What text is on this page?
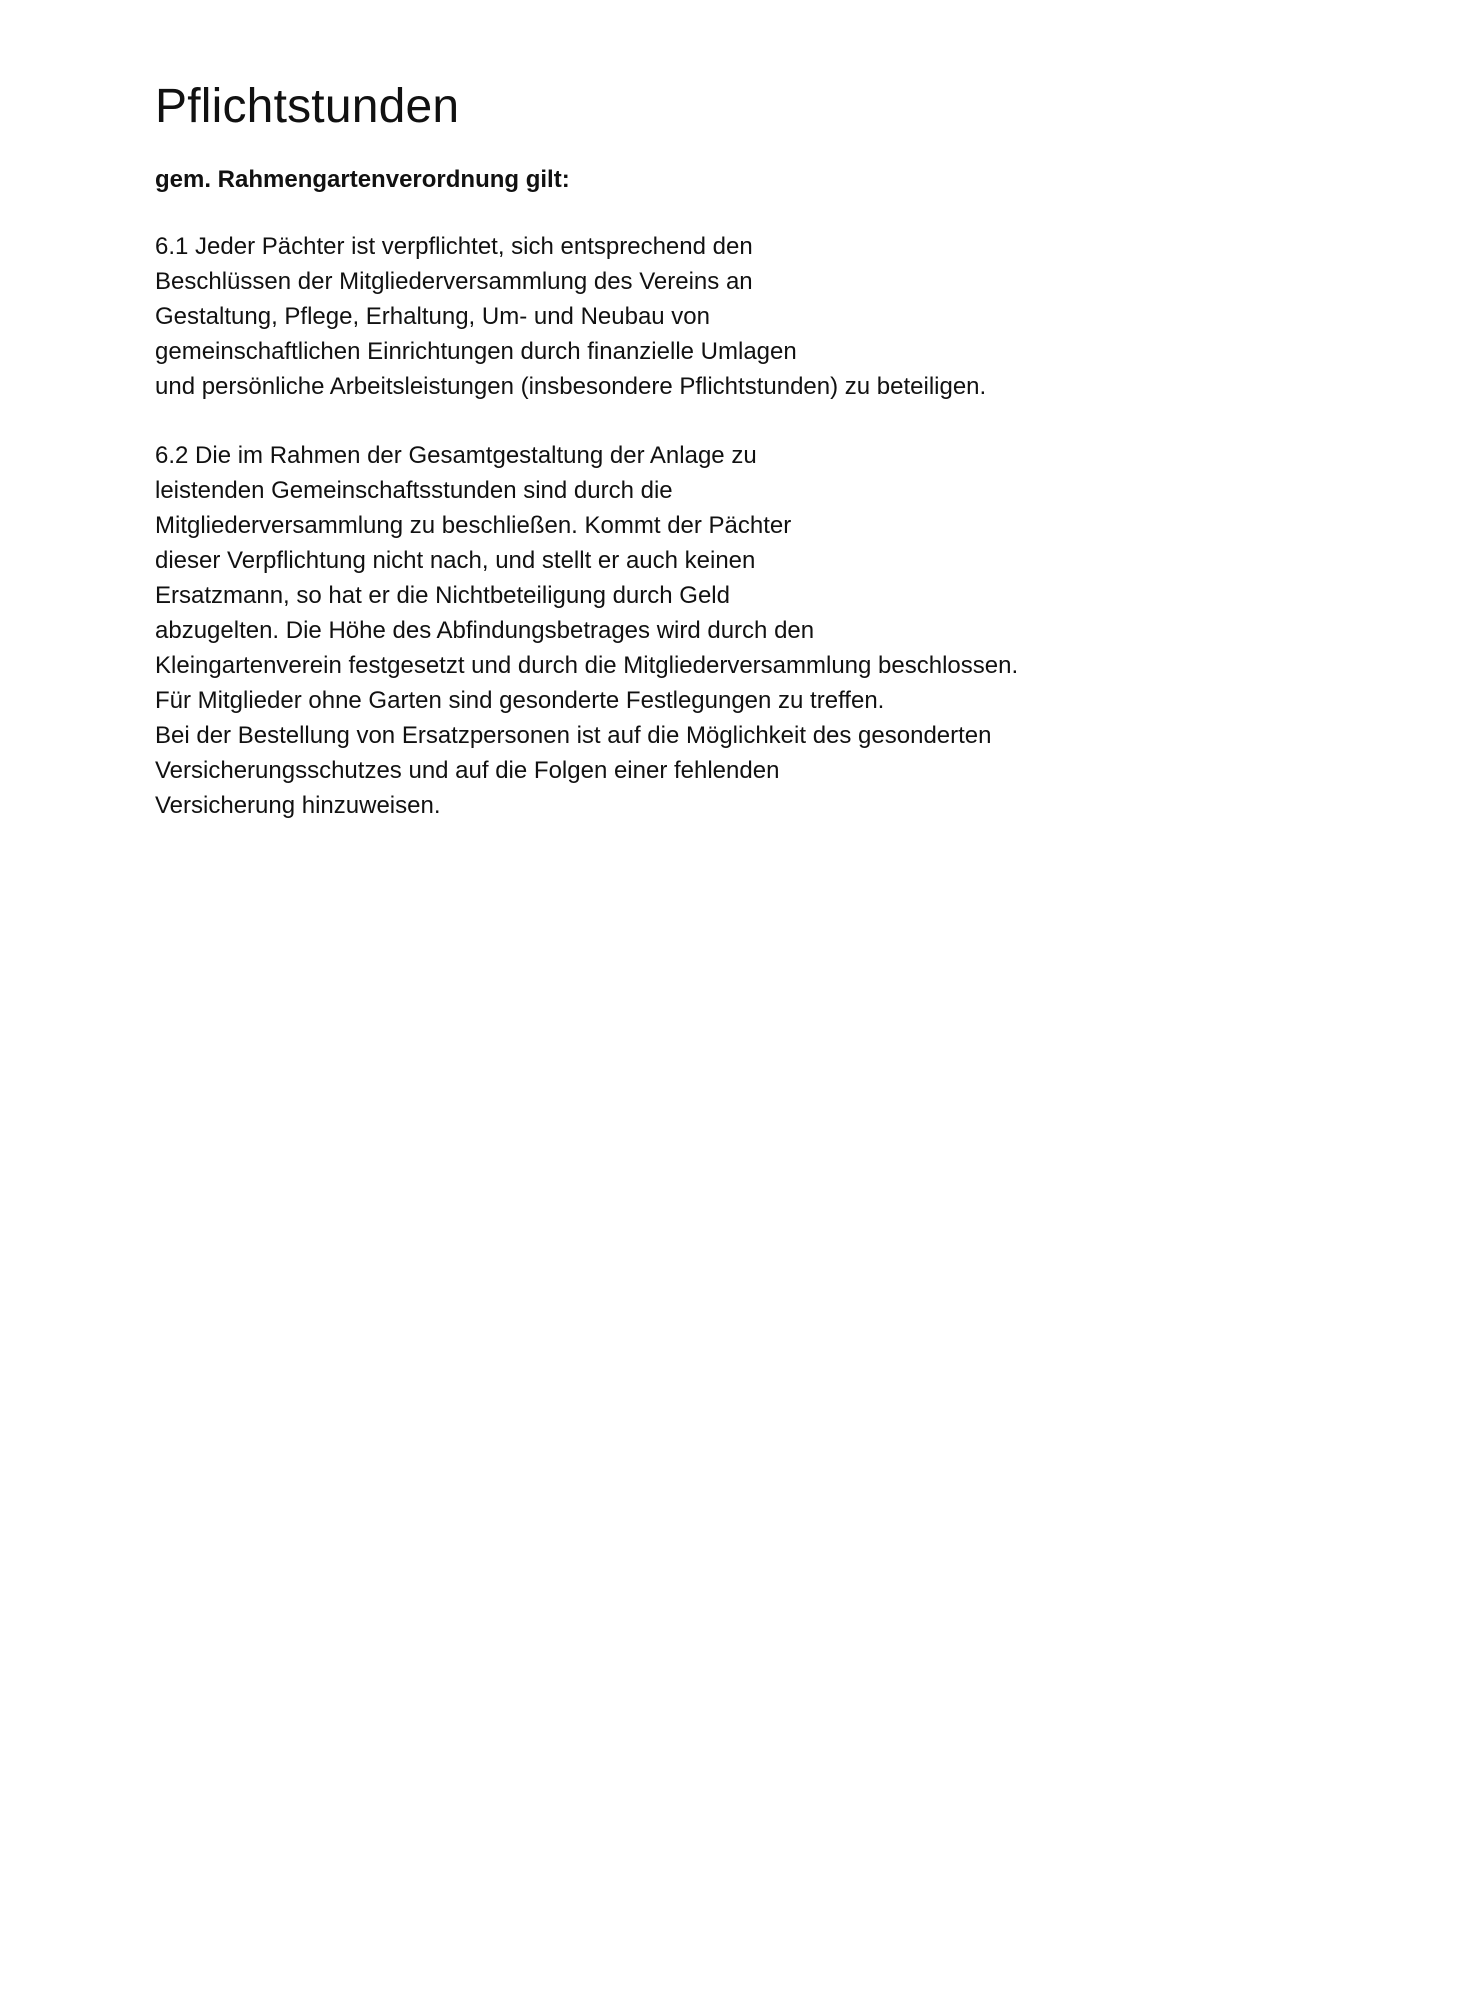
Pflichtstunden
gem. Rahmengartenverordnung gilt:
6.1 Jeder Pächter ist verpflichtet, sich entsprechend den
Beschlüssen der Mitgliederversammlung des Vereins an
Gestaltung, Pflege, Erhaltung, Um- und Neubau von
gemeinschaftlichen Einrichtungen durch finanzielle Umlagen
und persönliche Arbeitsleistungen (insbesondere Pflichtstunden) zu beteiligen.
6.2 Die im Rahmen der Gesamtgestaltung der Anlage zu
leistenden Gemeinschaftsstunden sind durch die
Mitgliederversammlung zu beschließen. Kommt der Pächter
dieser Verpflichtung nicht nach, und stellt er auch keinen
Ersatzmann, so hat er die Nichtbeteiligung durch Geld
abzugelten. Die Höhe des Abfindungsbetrages wird durch den
Kleingartenverein festgesetzt und durch die Mitgliederversammlung beschlossen.
Für Mitglieder ohne Garten sind gesonderte Festlegungen zu treffen.
Bei der Bestellung von Ersatzpersonen ist auf die Möglichkeit des gesonderten
Versicherungsschutzes und auf die Folgen einer fehlenden
Versicherung hinzuweisen.
